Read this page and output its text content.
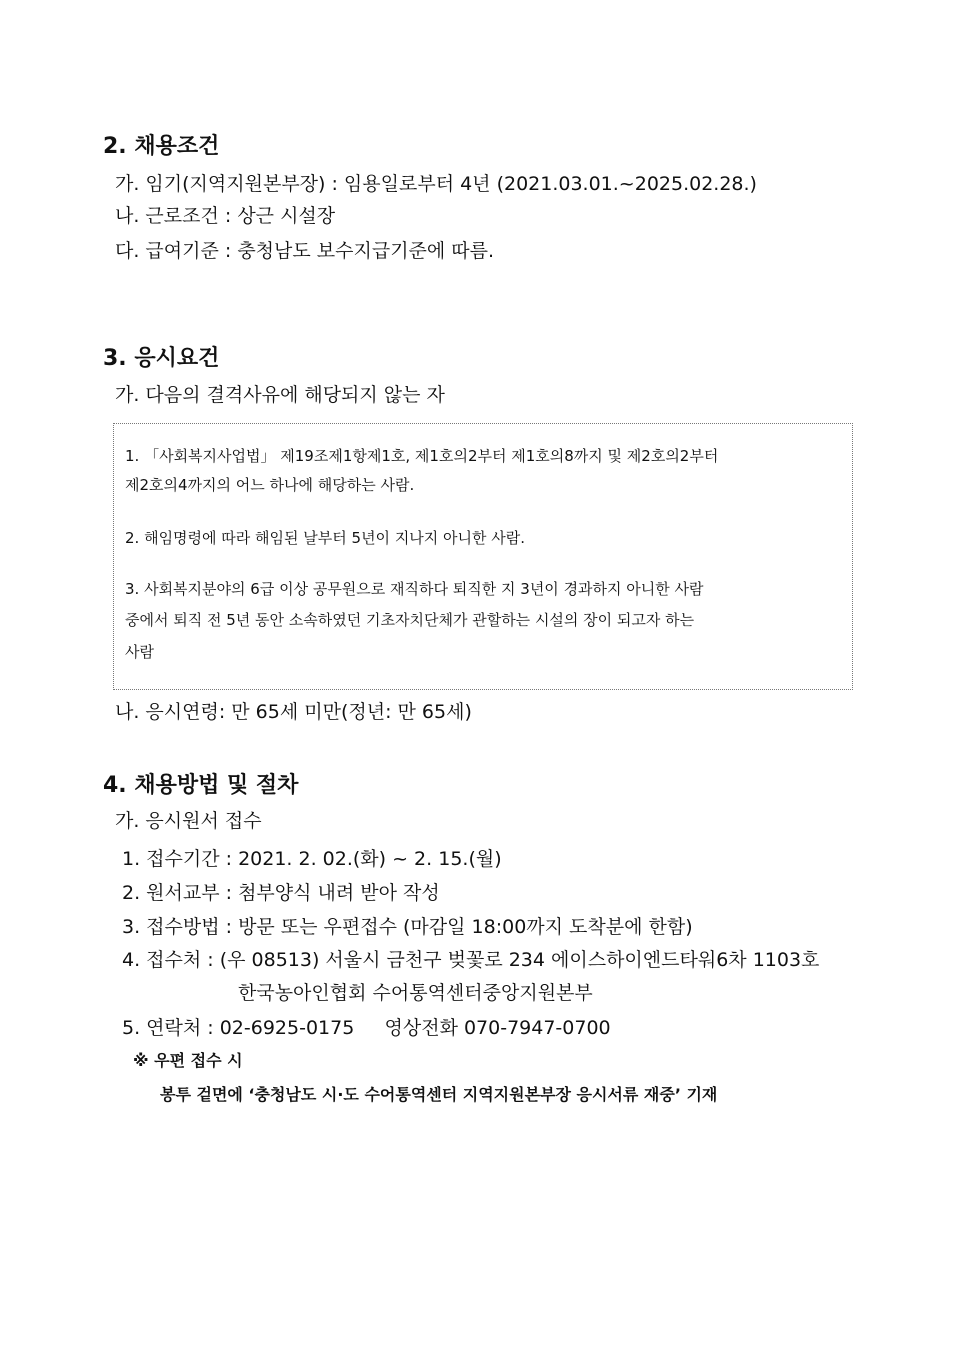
2. 채용조건
가. 임기(지역지원본부장) : 임용일로부터 4년 (2021.03.01.~2025.02.28.)
나. 근로조건 : 상근 시설장
다. 급여기준 : 충청남도 보수지급기준에 따름.
3. 응시요건
가. 다음의 결격사유에 해당되지 않는 자
1. 「사회복지사업법」 제19조제1항제1호, 제1호의2부터 제1호의8까지 및 제2호의2부터
제2호의4까지의 어느 하나에 해당하는 사람.
2. 해임명령에 따라 해임된 날부터 5년이 지나지 아니한 사람.
3. 사회복지분야의 6급 이상 공무원으로 재직하다 퇴직한 지 3년이 경과하지 아니한 사람
중에서 퇴직 전 5년 동안 소속하였던 기초자치단체가 관할하는 시설의 장이 되고자 하는
사람
나. 응시연령: 만 65세 미만(정년: 만 65세)
4. 채용방법 및 절차
가. 응시원서 접수
1. 접수기간 : 2021. 2. 02.(화) ~ 2. 15.(월)
2. 원서교부 : 첨부양식 내려 받아 작성
3. 접수방법 : 방문 또는 우편접수 (마감일 18:00까지 도착분에 한함)
4. 접수처 : (우 08513) 서울시 금천구 벚꽃로 234 에이스하이엔드타워6차 1103호
한국농아인협회 수어통역센터중앙지원본부
5. 연락처 : 02-6925-0175     영상전화 070-7947-0700
※ 우편 접수 시
봉투 겉면에 ‘충청남도 시·도 수어통역센터 지역지원본부장 응시서류 재중’ 기재
